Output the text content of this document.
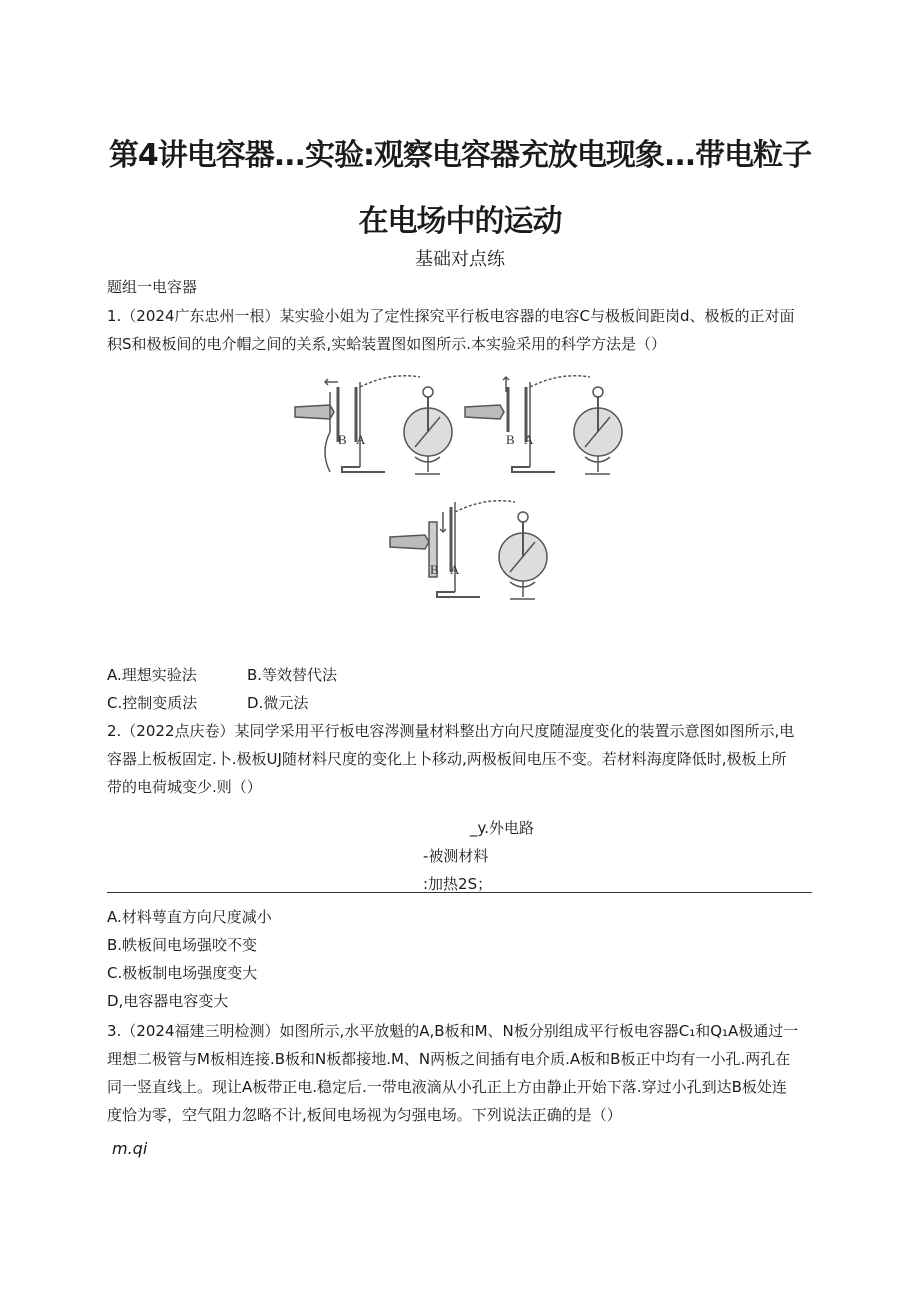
第4讲电容器...实验:观察电容器充放电现象...带电粒子
在电场中的运动
基础对点练
题组一电容器
1.（2024广东忠州一根）某实验小姐为了定性探究平行板电容器的电容C与极板间距岗d、极板的正对面
积S和极板间的电介帽之间的关系,实蛤装置图如图所示.本实验采用的科学方法是（）
B A	B A
B A
A.理想实验法	B.等效替代法
C.控制变质法	D.微元法
2.（2022点庆卷）某同学采用平行板电容涔测量材料整出方向尺度随湿度变化的装置示意图如图所示,电
容器上板板固定.卜.极板UJ随材料尺度的变化上卜移动,两极板间电压不变。若材料海度降低时,极板上所
带的电荷城变少.则（）
_y.外电路
-被测材料
:加热2S；
A.材料萼直方向尺度减小
B.帙板间电场强咬不变
C.极板制电场强度变大
D,电容器电容变大
3.（2024福建三明检测）如图所示,水平放魁的A,B板和M、N板分别组成平行板电容器C₁和Q₁A极通过一
理想二极管与M板相连接.B板和N板都接地.M、N两板之间插有电介质.A板和B板正中均有一小孔.两孔在
同一竖直线上。现让A板带正电.稳定后.一带电液滴从小孔正上方由静止开始下落.穿过小孔到达B板处连
度恰为零，空气阻力忽略不计,板间电场视为匀强电场。下列说法正确的是（）
m.qi
